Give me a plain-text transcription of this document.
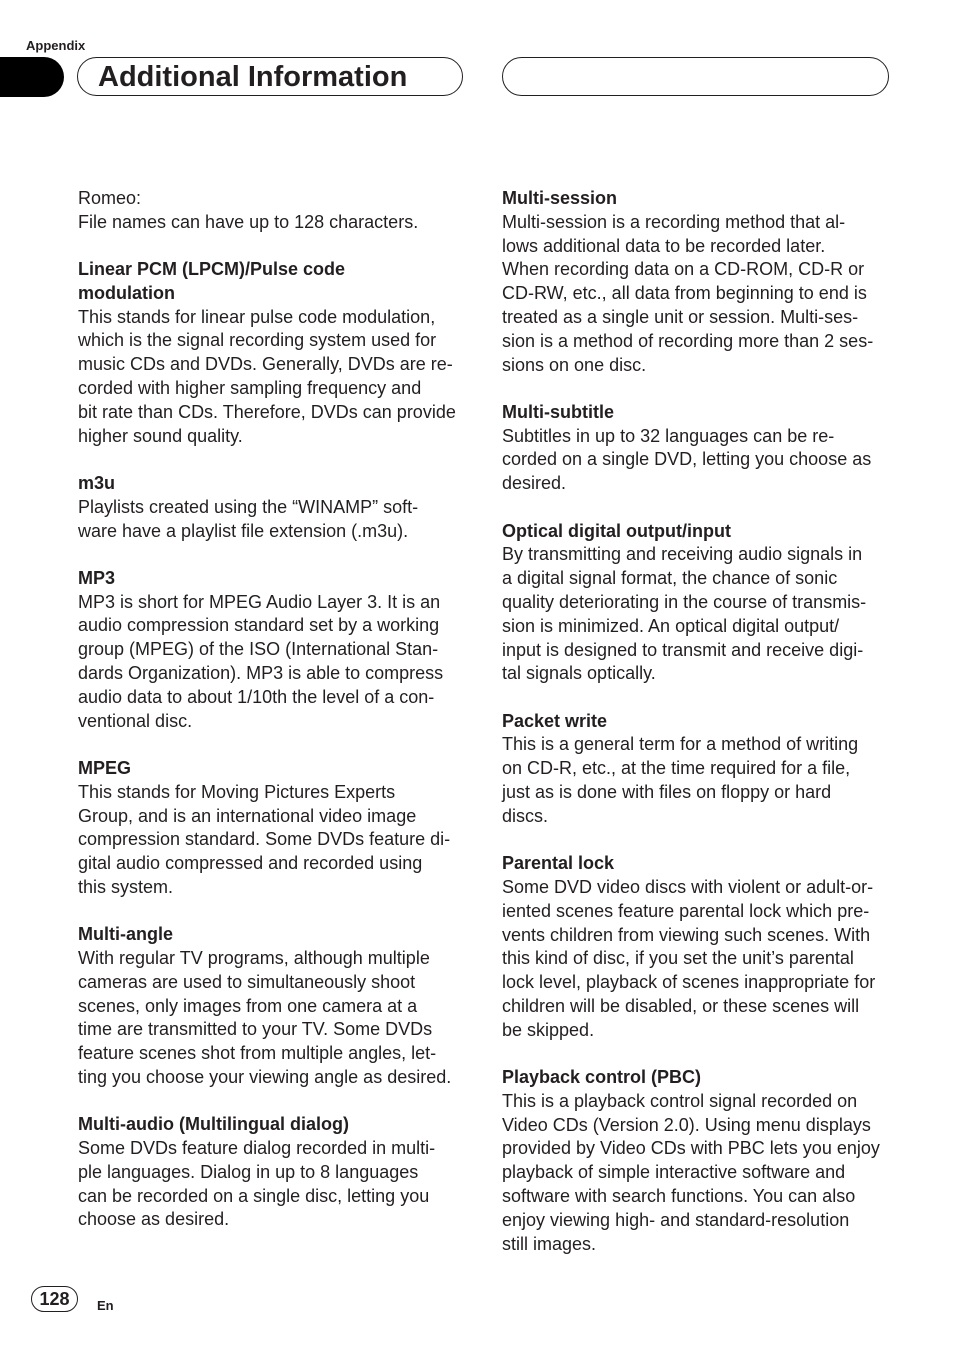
Appendix
Additional Information
Romeo:
File names can have up to 128 characters.
Linear PCM (LPCM)/Pulse code
modulation
This stands for linear pulse code modulation,
which is the signal recording system used for
music CDs and DVDs. Generally, DVDs are re-
corded with higher sampling frequency and
bit rate than CDs. Therefore, DVDs can provide
higher sound quality.
m3u
Playlists created using the “WINAMP” soft-
ware have a playlist file extension (.m3u).
MP3
MP3 is short for MPEG Audio Layer 3. It is an
audio compression standard set by a working
group (MPEG) of the ISO (International Stan-
dards Organization). MP3 is able to compress
audio data to about 1/10th the level of a con-
ventional disc.
MPEG
This stands for Moving Pictures Experts
Group, and is an international video image
compression standard. Some DVDs feature di-
gital audio compressed and recorded using
this system.
Multi-angle
With regular TV programs, although multiple
cameras are used to simultaneously shoot
scenes, only images from one camera at a
time are transmitted to your TV. Some DVDs
feature scenes shot from multiple angles, let-
ting you choose your viewing angle as desired.
Multi-audio (Multilingual dialog)
Some DVDs feature dialog recorded in multi-
ple languages. Dialog in up to 8 languages
can be recorded on a single disc, letting you
choose as desired.
Multi-session
Multi-session is a recording method that al-
lows additional data to be recorded later.
When recording data on a CD-ROM, CD-R or
CD-RW, etc., all data from beginning to end is
treated as a single unit or session. Multi-ses-
sion is a method of recording more than 2 ses-
sions on one disc.
Multi-subtitle
Subtitles in up to 32 languages can be re-
corded on a single DVD, letting you choose as
desired.
Optical digital output/input
By transmitting and receiving audio signals in
a digital signal format, the chance of sonic
quality deteriorating in the course of transmis-
sion is minimized. An optical digital output/
input is designed to transmit and receive digi-
tal signals optically.
Packet write
This is a general term for a method of writing
on CD-R, etc., at the time required for a file,
just as is done with files on floppy or hard
discs.
Parental lock
Some DVD video discs with violent or adult-or-
iented scenes feature parental lock which pre-
vents children from viewing such scenes. With
this kind of disc, if you set the unit’s parental
lock level, playback of scenes inappropriate for
children will be disabled, or these scenes will
be skipped.
Playback control (PBC)
This is a playback control signal recorded on
Video CDs (Version 2.0). Using menu displays
provided by Video CDs with PBC lets you enjoy
playback of simple interactive software and
software with search functions. You can also
enjoy viewing high- and standard-resolution
still images.
128	En
